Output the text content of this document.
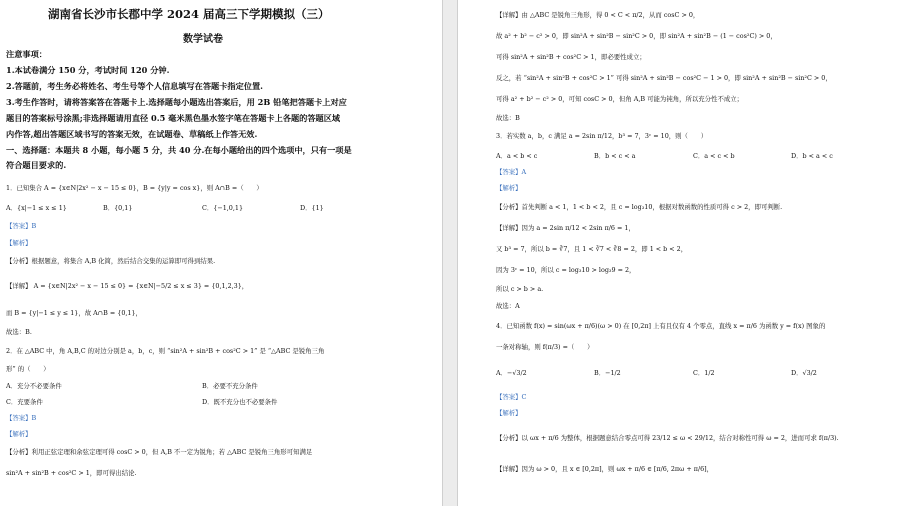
湖南省长沙市长郡中学 2024 届高三下学期模拟（三）
数学试卷
注意事项：
1.本试卷满分 150 分，考试时间 120 分钟.
2.答题前，考生务必将姓名、考生号等个人信息填写在答题卡指定位置.
3.考生作答时，请将答案答在答题卡上.选择题每小题选出答案后，用 2B 铅笔把答题卡上对应
题目的答案标号涂黑;非选择题请用直径 0.5 毫米黑色墨水签字笔在答题卡上各题的答题区域
内作答,超出答题区域书写的答案无效，在试题卷、草稿纸上作答无效.
一、选择题：本题共 8 小题，每小题 5 分，共 40 分.在每小题给出的四个选项中，只有一项是
符合题目要求的.
1．已知集合 A = {x∈N|2x² − x − 15 ≤ 0}，B = {y|y = cos x}，则 A∩B =（　　）
A．{x|−1 ≤ x ≤ 1}	B．{0,1}	C．{−1,0,1}	D．{1}
【答案】B
【解析】
【分析】根据题意，将集合 A,B 化简，然后结合交集的运算即可得到结果.
【详解】 A = {x∈N|2x² − x − 15 ≤ 0} = {x∈N|−5/2 ≤ x ≤ 3} = {0,1,2,3}，
而 B = {y|−1 ≤ y ≤ 1}，故 A∩B = {0,1}，
故选：B.
2．在 △ABC 中，角 A,B,C 的对边分别是 a，b，c，则 “sin²A + sin²B + cos²C > 1” 是 “△ABC 是锐角三角
形” 的（　　）
A．充分不必要条件	B．必要不充分条件
C．充要条件	D．既不充分也不必要条件
【答案】B
【解析】
【分析】利用正弦定理和余弦定理可得 cosC > 0，但 A,B 不一定为锐角；若 △ABC 是锐角三角形可知满足
sin²A + sin²B + cos²C > 1，即可得出结论.
【详解】由 △ABC 是锐角三角形，得 0 < C < π/2，从而 cosC > 0，
故 a² + b² − c² > 0，即 sin²A + sin²B − sin²C > 0，即 sin²A + sin²B − (1 − cos²C) > 0，
可得 sin²A + sin²B + cos²C > 1，即必要性成立；
反之，若 “sin²A + sin²B + cos²C > 1” 可得 sin²A + sin²B − cos²C − 1 > 0，即 sin²A + sin²B − sin²C > 0，
可得 a² + b² − c² > 0，可知 cosC > 0，但角 A,B 可能为钝角，所以充分性不成立；
故选：B
3．若实数 a，b，c 满足 a = 2sin π/12，b³ = 7，3ᶜ = 10，则（　　）
A．a < b < c	B．b < c < a	C．a < c < b	D．b < a < c
【答案】A
【解析】
【分析】首先判断 a < 1，1 < b < 2，且 c = log₃10，根据对数函数的性质可得 c > 2，即可判断.
【详解】因为 a = 2sin π/12 < 2sin π/6 = 1，
又 b³ = 7，所以 b = ∛7，且 1 < ∛7 < ∛8 = 2，即 1 < b < 2，
因为 3ᶜ = 10，所以 c = log₃10 > log₃9 = 2，
所以 c > b > a.
故选：A
4．已知函数 f(x) = sin(ωx + π/6)(ω > 0) 在 [0,2π] 上有且仅有 4 个零点，直线 x = π/6 为函数 y = f(x) 图象的
一条对称轴，则 f(π/3) =（　　）
A．−√3/2	B．−1/2	C．1/2	D．√3/2
【答案】C
【解析】
【分析】以 ωx + π/6 为整体，根据题意结合零点可得 23/12 ≤ ω < 29/12，结合对称性可得 ω = 2，进而可求 f(π/3).
【详解】因为 ω > 0，且 x ∈ [0,2π]，则 ωx + π/6 ∈ [π/6, 2πω + π/6]，
